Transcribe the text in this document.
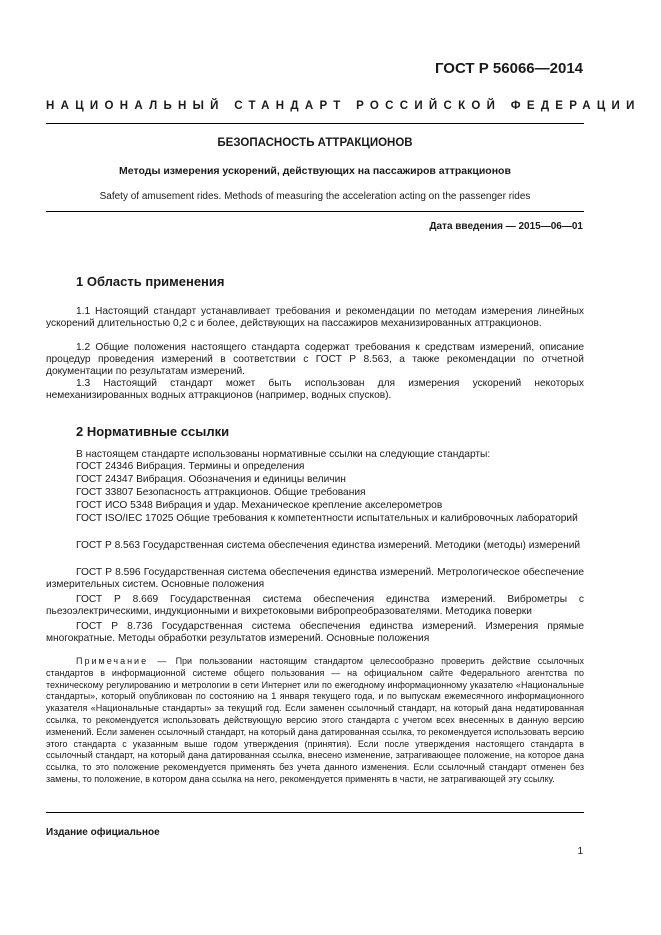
ГОСТ Р 56066—2014
НАЦИОНАЛЬНЫЙ СТАНДАРТ РОССИЙСКОЙ ФЕДЕРАЦИИ
БЕЗОПАСНОСТЬ АТТРАКЦИОНОВ
Методы измерения ускорений, действующих на пассажиров аттракционов
Safety of amusement rides. Methods of measuring the acceleration acting on the passenger rides
Дата введения — 2015—06—01
1 Область применения
1.1 Настоящий стандарт устанавливает требования и рекомендации по методам измерения линейных ускорений длительностью 0,2 с и более, действующих на пассажиров механизированных аттракционов.
1.2 Общие положения настоящего стандарта содержат требования к средствам измерений, описание процедур проведения измерений в соответствии с ГОСТ Р 8.563, а также рекомендации по отчетной документации по результатам измерений.
1.3 Настоящий стандарт может быть использован для измерения ускорений некоторых немеханизированных водных аттракционов (например, водных спусков).
2 Нормативные ссылки
В настоящем стандарте использованы нормативные ссылки на следующие стандарты:
ГОСТ 24346 Вибрация. Термины и определения
ГОСТ 24347 Вибрация. Обозначения и единицы величин
ГОСТ 33807 Безопасность аттракционов. Общие требования
ГОСТ ИСО 5348 Вибрация и удар. Механическое крепление акселерометров
ГОСТ ISO/IEC 17025 Общие требования к компетентности испытательных и калибровочных лабораторий
ГОСТ Р 8.563 Государственная система обеспечения единства измерений. Методики (методы) измерений
ГОСТ Р 8.596 Государственная система обеспечения единства измерений. Метрологическое обеспечение измерительных систем. Основные положения
ГОСТ Р 8.669 Государственная система обеспечения единства измерений. Виброметры с пьезоэлектрическими, индукционными и вихретоковыми вибропреобразователями. Методика поверки
ГОСТ Р 8.736 Государственная система обеспечения единства измерений. Измерения прямые многократные. Методы обработки результатов измерений. Основные положения
Примечание — При пользовании настоящим стандартом целесообразно проверить действие ссылочных стандартов в информационной системе общего пользования — на официальном сайте Федерального агентства по техническому регулированию и метрологии в сети Интернет или по ежегодному информационному указателю «Национальные стандарты», который опубликован по состоянию на 1 января текущего года, и по выпускам ежемесячного информационного указателя «Национальные стандарты» за текущий год. Если заменен ссылочный стандарт, на который дана недатированная ссылка, то рекомендуется использовать действующую версию этого стандарта с учетом всех внесенных в данную версию изменений. Если заменен ссылочный стандарт, на который дана датированная ссылка, то рекомендуется использовать версию этого стандарта с указанным выше годом утверждения (принятия). Если после утверждения настоящего стандарта в ссылочный стандарт, на который дана датированная ссылка, внесено изменение, затрагивающее положение, на которое дана ссылка, то это положение рекомендуется применять без учета данного изменения. Если ссылочный стандарт отменен без замены, то положение, в котором дана ссылка на него, рекомендуется применять в части, не затрагивающей эту ссылку.
Издание официальное
1
